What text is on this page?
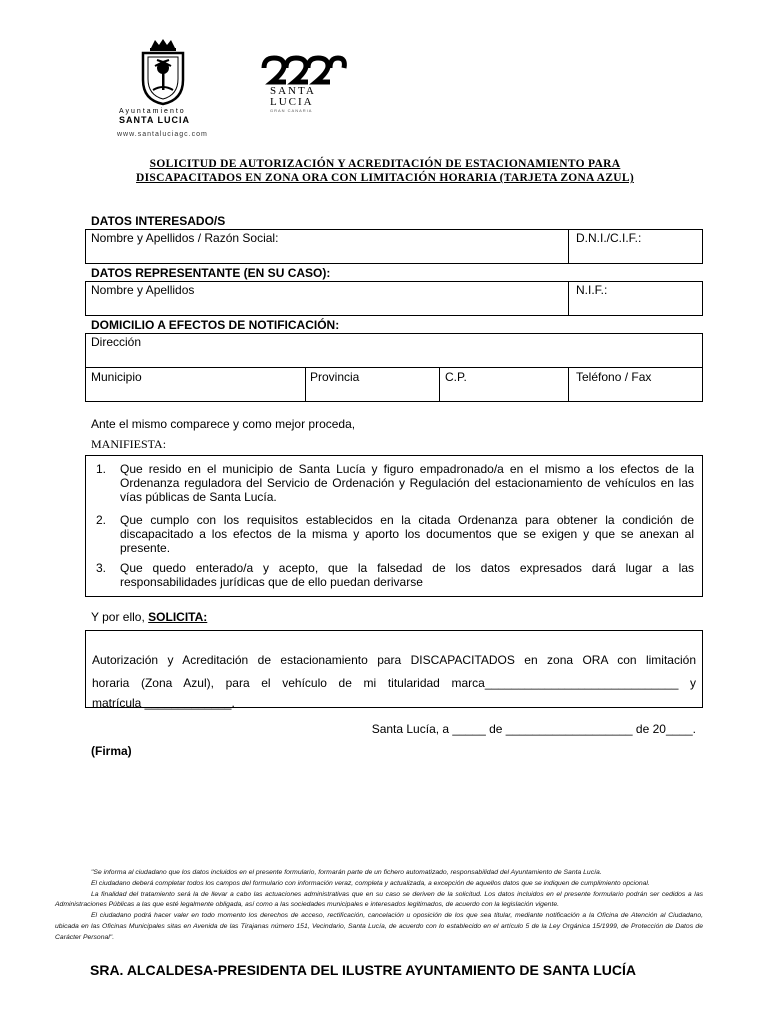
Ayuntamiento
SANTA LUCIA
www.santaluciagc.com
SANTA
LUCIA
GRAN CANARIA
SOLICITUD DE AUTORIZACIÓN Y ACREDITACIÓN DE ESTACIONAMIENTO PARA
DISCAPACITADOS EN ZONA ORA CON LIMITACIÓN HORARIA (TARJETA ZONA AZUL)
DATOS INTERESADO/S
Nombre y Apellidos / Razón Social:	D.N.I./C.I.F.:
DATOS REPRESENTANTE (EN SU CASO):
Nombre y Apellidos	N.I.F.:
DOMICILIO A EFECTOS DE NOTIFICACIÓN:
Dirección
Municipio	Provincia	C.P.	Teléfono / Fax
Ante el mismo comparece y como mejor proceda,
MANIFIESTA:
1. Que resido en el municipio de Santa Lucía y figuro empadronado/a en el mismo a los efectos de la Ordenanza reguladora del Servicio de Ordenación y Regulación del estacionamiento de vehículos en las vías públicas de Santa Lucía.
2. Que cumplo con los requisitos establecidos en la citada Ordenanza para obtener la condición de discapacitado a los efectos de la misma y aporto los documentos que se exigen y que se anexan al presente.
3. Que quedo enterado/a y acepto, que la falsedad de los datos expresados dará lugar a las responsabilidades jurídicas que de ello puedan derivarse
Y por ello, SOLICITA:

Autorización y Acreditación de estacionamiento para DISCAPACITADOS en zona ORA con limitación

horaria (Zona Azul), para el vehículo de mi titularidad marca_____________________________ y

matrícula _____________.

Santa Lucía, a _____ de ___________________ de 20____.
(Firma)

"Se informa al ciudadano que los datos incluidos en el presente formulario, formarán parte de un fichero automatizado, responsabilidad del Ayuntamiento de Santa Lucía.

El ciudadano deberá completar todos los campos del formulario con información veraz, completa y actualizada, a excepción de aquellos datos que se indiquen de cumplimiento opcional.

La finalidad del tratamiento será la de llevar a cabo las actuaciones administrativas que en su caso se deriven de la solicitud. Los datos incluidos en el presente formulario podrán ser cedidos a las Administraciones Públicas a las que esté legalmente obligada, así como a las sociedades municipales e interesados legitimados, de acuerdo con la legislación vigente.

El ciudadano podrá hacer valer en todo momento los derechos de acceso, rectificación, cancelación u oposición de los que sea titular, mediante notificación a la Oficina de Atención al Ciudadano, ubicada en las Oficinas Municipales sitas en Avenida de las Tirajanas número 151, Vecindario, Santa Lucía, de acuerdo con lo establecido en el artículo 5 de la Ley Orgánica 15/1999, de Protección de Datos de Carácter Personal".

SRA. ALCALDESA-PRESIDENTA DEL ILUSTRE AYUNTAMIENTO DE SANTA LUCÍA
